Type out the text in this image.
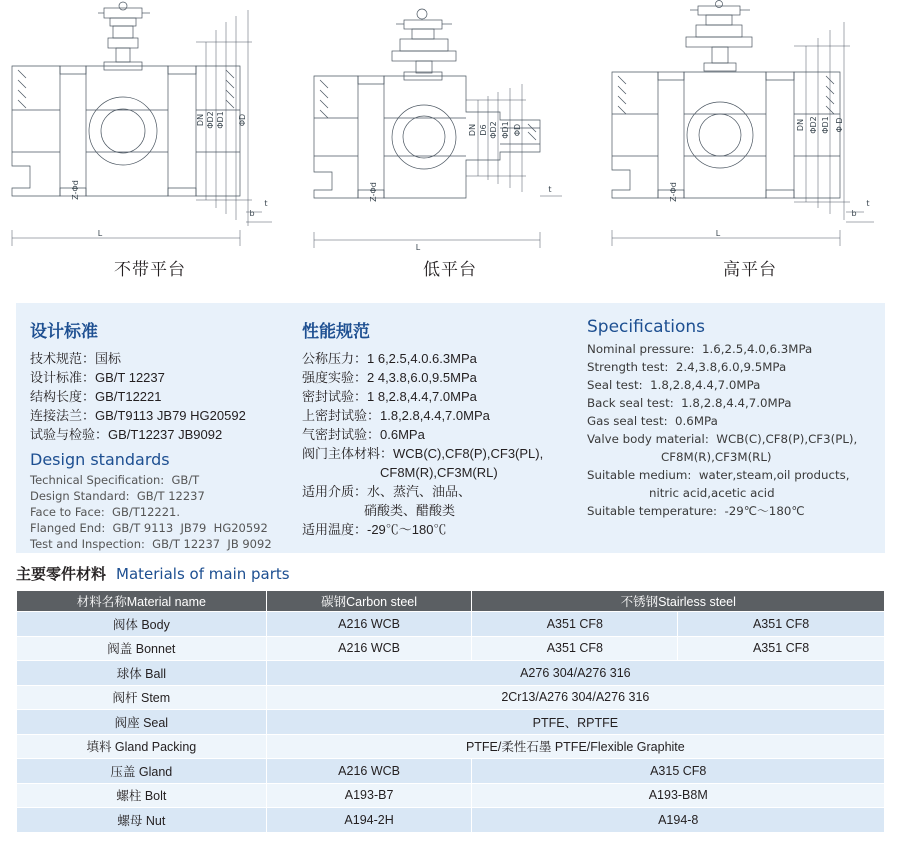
DN ΦD2 ΦD1 ΦD
Z-Φd
L
b
t
不带平台
DN D6 ΦD2 ΦD1 ΦD
Z-Φd
L
t
低平台
DN ΦD2 ΦD1 Φ D
Z-Φd
L
b
t
高平台
设计标准
技术规范：国标
设计标准：GB/T 12237
结构长度：GB/T12221
连接法兰：GB/T9113 JB79 HG20592
试验与检验：GB/T12237 JB9092
Design standards
Technical Specification:  GB/T
Design Standard:  GB/T 12237
Face to Face:  GB/T12221.
Flanged End:  GB/T 9113  JB79  HG20592
Test and Inspection:  GB/T 12237  JB 9092
性能规范
公称压力：1 6,2.5,4.0.6.3MPa
强度实验：2 4,3.8,6.0,9.5MPa
密封试验：1 8,2.8,4.4,7.0MPa
上密封试验：1.8,2.8,4.4,7.0MPa
气密封试验：0.6MPa
阀门主体材料：WCB(C),CF8(P),CF3(PL),
CF8M(R),CF3M(RL)
适用介质：水、蒸汽、油品、
硝酸类、醋酸类
适用温度：-29℃～180℃
Specifications
Nominal pressure:  1.6,2.5,4.0,6.3MPa
Strength test:  2.4,3.8,6.0,9.5MPa
Seal test:  1.8,2.8,4.4,7.0MPa
Back seal test:  1.8,2.8,4.4,7.0MPa
Gas seal test:  0.6MPa
Valve body material:  WCB(C),CF8(P),CF3(PL),
CF8M(R),CF3M(RL)
Suitable medium:  water,steam,oil products,
nitric acid,acetic acid
Suitable temperature:  -29℃～180℃
主要零件材料 Materials of main parts
材料名称Material name	碳钢Carbon steel	不锈钢Stairless steel	
阀体 Body	A216 WCB	A351 CF8	A351 CF8
阀盖 Bonnet	A216 WCB	A351 CF8	A351 CF8
球体 Ball	A276 304/A276 316		
阀杆 Stem	2Cr13/A276 304/A276 316		
阀座 Seal	PTFE、RPTFE		
填料 Gland Packing	PTFE/柔性石墨 PTFE/Flexible Graphite		
压盖 Gland	A216 WCB	A315 CF8	
螺柱 Bolt	A193-B7	A193-B8M	
螺母 Nut	A194-2H	A194-8	
